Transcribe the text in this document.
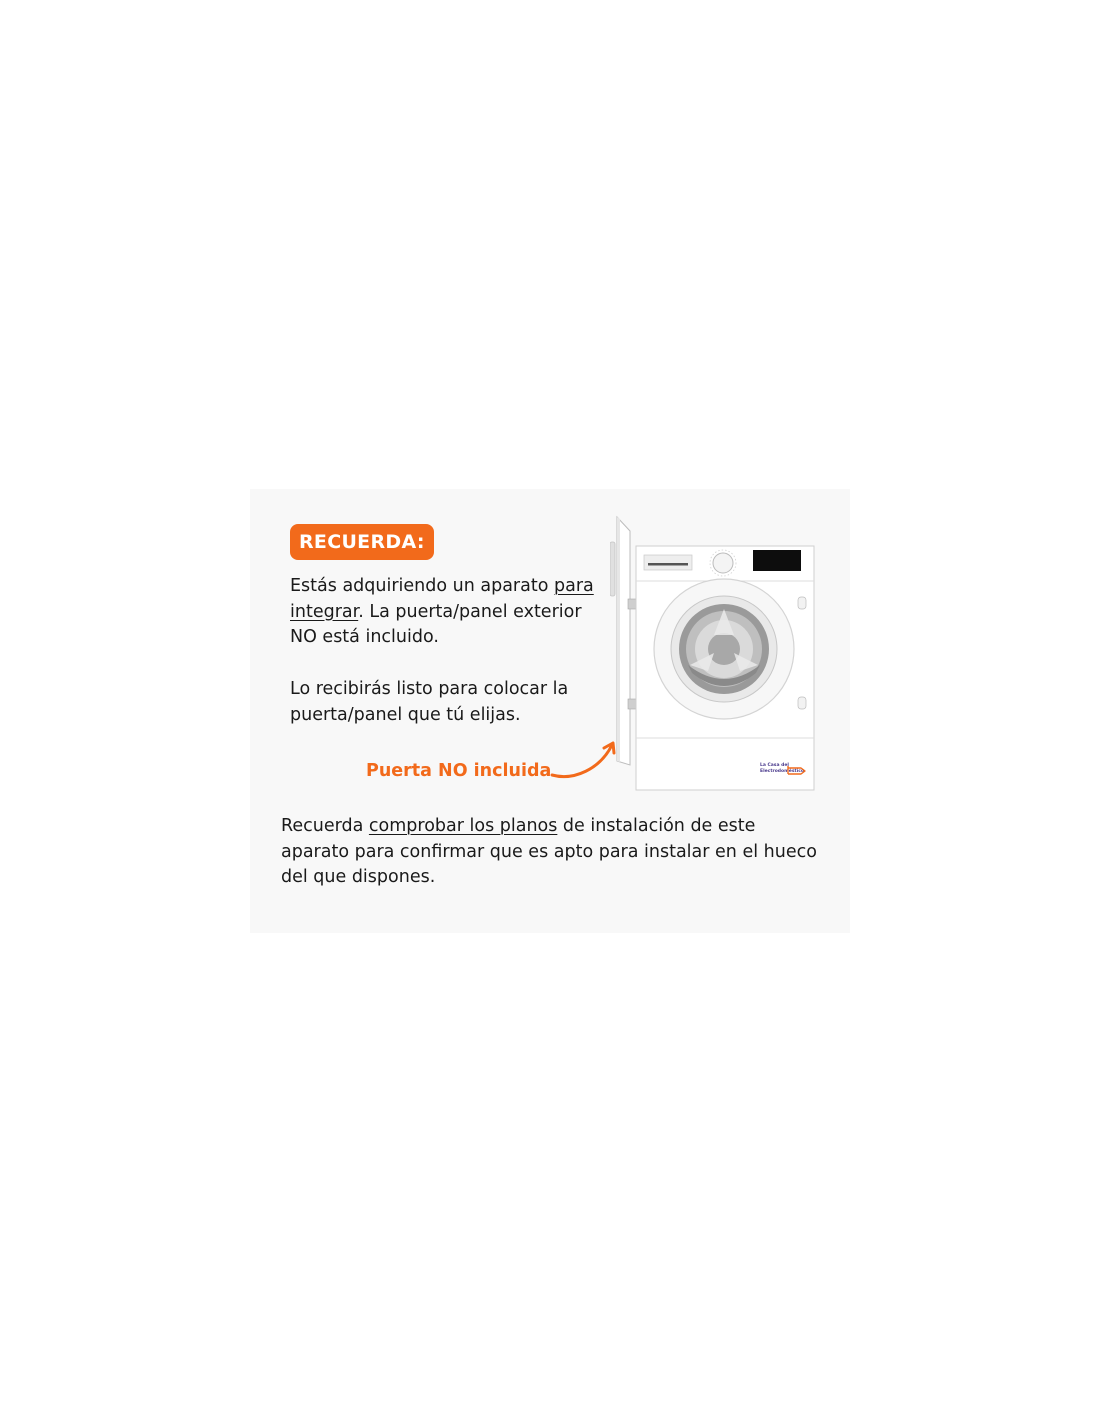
RECUERDA:

Estás adquiriendo un aparato para integrar. La puerta/panel exterior NO está incluido.

Lo recibirás listo para colocar la puerta/panel que tú elijas.

Puerta NO incluida	La Casa del
Electrodoméstico

Recuerda comprobar los planos de instalación de este aparato para confirmar que es apto para instalar en el hueco del que dispones.
